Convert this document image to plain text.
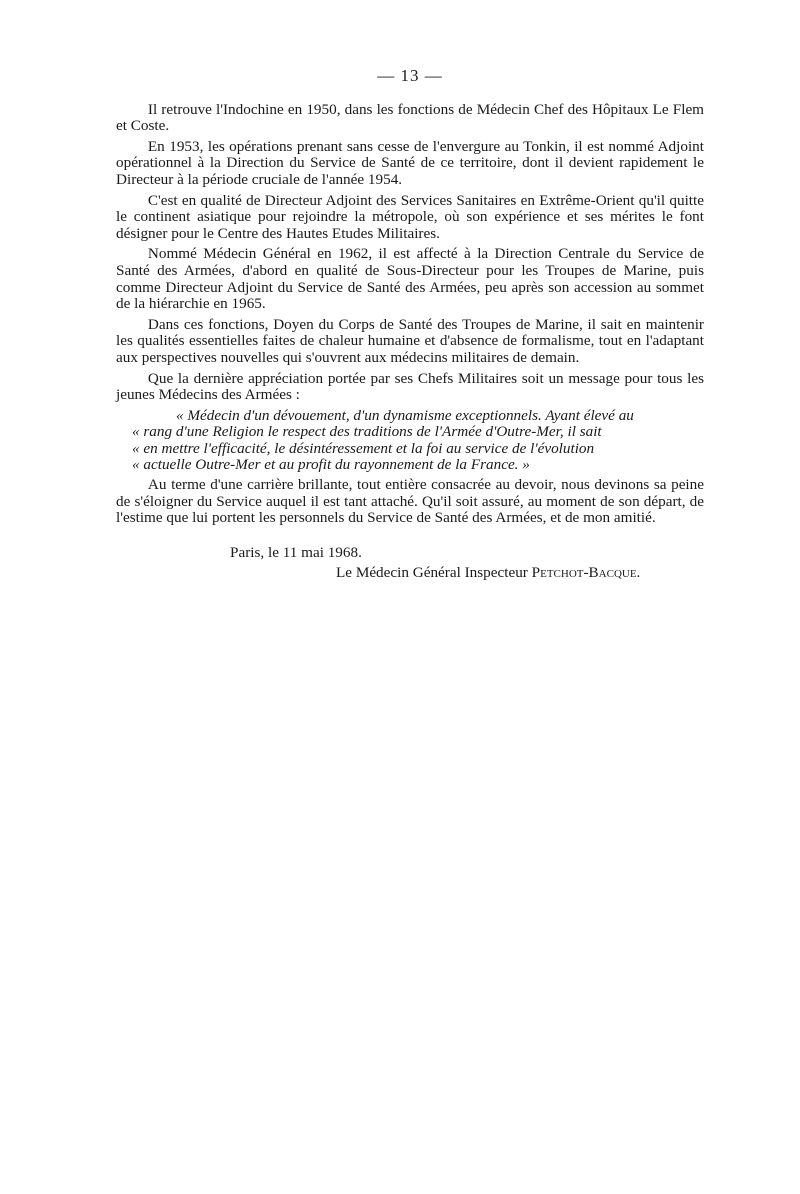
— 13 —
Il retrouve l'Indochine en 1950, dans les fonctions de Médecin Chef des Hôpitaux Le Flem et Coste.
En 1953, les opérations prenant sans cesse de l'envergure au Tonkin, il est nommé Adjoint opérationnel à la Direction du Service de Santé de ce territoire, dont il devient rapidement le Directeur à la période cruciale de l'année 1954.
C'est en qualité de Directeur Adjoint des Services Sanitaires en Extrême-Orient qu'il quitte le continent asiatique pour rejoindre la métropole, où son expérience et ses mérites le font désigner pour le Centre des Hautes Etudes Militaires.
Nommé Médecin Général en 1962, il est affecté à la Direction Centrale du Service de Santé des Armées, d'abord en qualité de Sous-Directeur pour les Troupes de Marine, puis comme Directeur Adjoint du Service de Santé des Armées, peu après son accession au sommet de la hiérarchie en 1965.
Dans ces fonctions, Doyen du Corps de Santé des Troupes de Marine, il sait en maintenir les qualités essentielles faites de chaleur humaine et d'absence de formalisme, tout en l'adaptant aux perspectives nouvelles qui s'ouvrent aux médecins militaires de demain.
Que la dernière appréciation portée par ses Chefs Militaires soit un message pour tous les jeunes Médecins des Armées :
« Médecin d'un dévouement, d'un dynamisme exceptionnels. Ayant élevé au
« rang d'une Religion le respect des traditions de l'Armée d'Outre-Mer, il sait
« en mettre l'efficacité, le désintéressement et la foi au service de l'évolution
« actuelle Outre-Mer et au profit du rayonnement de la France. »
Au terme d'une carrière brillante, tout entière consacrée au devoir, nous devinons sa peine de s'éloigner du Service auquel il est tant attaché. Qu'il soit assuré, au moment de son départ, de l'estime que lui portent les personnels du Service de Santé des Armées, et de mon amitié.
Paris, le 11 mai 1968.
Le Médecin Général Inspecteur Petchot-Bacque.
